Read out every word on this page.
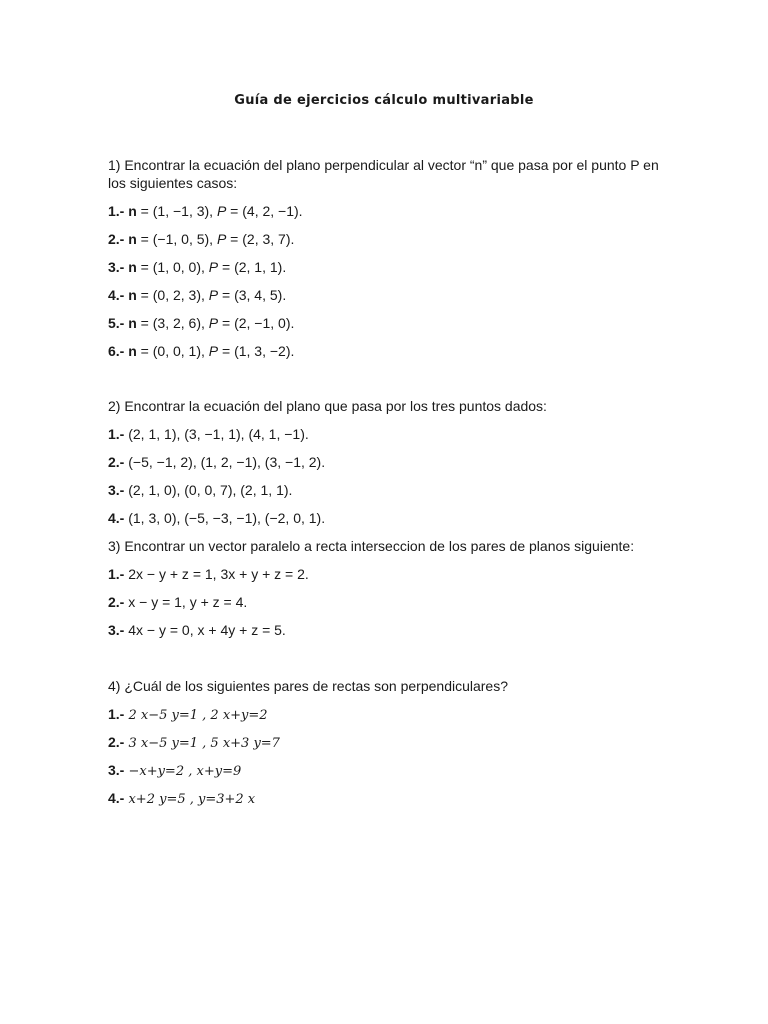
Guía de ejercicios cálculo multivariable
1) Encontrar la ecuación del plano perpendicular al vector “n” que pasa por el punto P en
los siguientes casos:
1.- n = (1, −1, 3), P = (4, 2, −1).
2.- n = (−1, 0, 5), P = (2, 3, 7).
3.- n = (1, 0, 0), P = (2, 1, 1).
4.- n = (0, 2, 3), P = (3, 4, 5).
5.- n = (3, 2, 6), P = (2, −1, 0).
6.- n = (0, 0, 1), P = (1, 3, −2).
2) Encontrar la ecuación del plano que pasa por los tres puntos dados:
1.- (2, 1, 1), (3, −1, 1), (4, 1, −1).
2.- (−5, −1, 2), (1, 2, −1), (3, −1, 2).
3.- (2, 1, 0), (0, 0, 7), (2, 1, 1).
4.- (1, 3, 0), (−5, −3, −1), (−2, 0, 1).
3) Encontrar un vector paralelo a recta interseccion de los pares de planos siguiente:
1.- 2x − y + z = 1, 3x + y + z = 2.
2.- x − y = 1, y + z = 4.
3.- 4x − y = 0, x + 4y + z = 5.
4) ¿Cuál de los siguientes pares de rectas son perpendiculares?
1.- 2 x−5 y=1 , 2 x+y=2
2.- 3 x−5 y=1 , 5 x+3 y=7
3.- −x+y=2 , x+y=9
4.- x+2 y=5 , y=3+2 x
